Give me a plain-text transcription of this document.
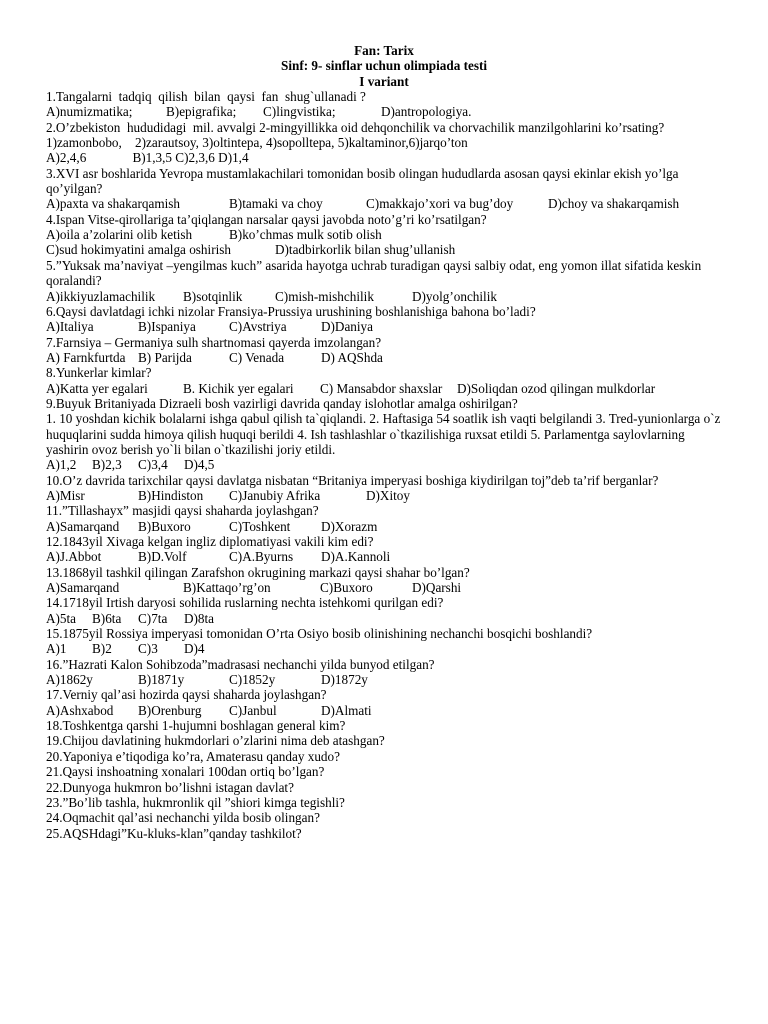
Fan: Tarix
Sinf: 9- sinflar uchun olimpiada testi
I variant
1.Tangalarni  tadqiq  qilish  bilan  qaysi  fan  shug`ullanadi ?
A)numizmatika;	B)epigrafika; C)lingvistika;	D)antropologiya.
2.O’zbekiston  hududidagi  mil. avvalgi 2-mingyillikka oid dehqonchilik va chorvachilik manzilgohlarini ko’rsating?
1)zamonbobo,    2)zarautsoy, 3)oltintepa, 4)sopolltepa, 5)kaltaminor,6)jarqo’ton
A)2,4,6              B)1,3,5 C)2,3,6 D)1,4
3.XVI asr boshlarida Yevropa mustamlakachilari tomonidan bosib olingan hududlarda asosan qaysi ekinlar ekish yo’lga qo’yilgan?
A)paxta va shakarqamish	B)tamaki va choy	C)makkajo’xori va bug’doy	D)choy va shakarqamish
4.Ispan Vitse-qirollariga ta’qiqlangan narsalar qaysi javobda noto’g’ri ko’rsatilgan?
A)oila a’zolarini olib ketish	B)ko’chmas mulk sotib olish
C)sud hokimyatini amalga oshirish	D)tadbirkorlik bilan shug’ullanish
5.”Yuksak ma’naviyat –yengilmas kuch” asarida hayotga uchrab turadigan qaysi salbiy odat, eng yomon illat sifatida keskin qoralandi?
A)ikkiyuzlamachilik B)sotqinlik C)mish-mishchilik	D)yolg’onchilik
6.Qaysi davlatdagi ichki nizolar Fransiya-Prussiya urushining boshlanishiga bahona bo’ladi?
A)Italiya	B)Ispaniya	C)Avstriya	D)Daniya
7.Farnsiya – Germaniya sulh shartnomasi qayerda imzolangan?
A) Farnkfurtda B) Parijda	C) Venada	D) AQShda
8.Yunkerlar kimlar?
A)Katta yer egalari	B. Kichik yer egalari C) Mansabdor shaxslar D)Soliqdan ozod qilingan mulkdorlar
9.Buyuk Britaniyada Dizraeli bosh vazirligi davrida qanday islohotlar amalga oshirilgan?
1. 10 yoshdan kichik bolalarni ishga qabul qilish ta`qiqlandi. 2. Haftasiga 54 soatlik ish vaqti belgilandi 3. Tred-yunionlarga o`z huquqlarini sudda himoya qilish huquqi berildi 4. Ish tashlashlar o`tkazilishiga ruxsat etildi 5. Parlamentga saylovlarning yashirin ovoz berish yo`li bilan o`tkazilishi joriy etildi.
A)1,2 B)2,3 C)3,4 D)4,5
10.O’z davrida tarixchilar qaysi davlatga nisbatan “Britaniya imperyasi boshiga kiydirilgan toj”deb ta’rif berganlar?
A)Misr	B)Hindiston C)Janubiy Afrika	D)Xitoy
11.”Tillashayx” masjidi qaysi shaharda joylashgan?
A)Samarqand B)Buxoro	C)Toshkent D)Xorazm
12.1843yil Xivaga kelgan ingliz diplomatiyasi vakili kim edi?
A)J.Abbot	B)D.Volf	C)A.Byurns D)A.Kannoli
13.1868yil tashkil qilingan Zarafshon okrugining markazi qaysi shahar bo’lgan?
A)Samarqand	B)Kattaqo’rg’on	C)Buxoro	D)Qarshi
14.1718yil Irtish daryosi sohilida ruslarning nechta istehkomi qurilgan edi?
A)5ta B)6ta C)7ta D)8ta
15.1875yil Rossiya imperyasi tomonidan O’rta Osiyo bosib olinishining nechanchi bosqichi boshlandi?
A)1 B)2 C)3 D)4
16.”Hazrati Kalon Sohibzoda”madrasasi nechanchi yilda bunyod etilgan?
A)1862y	B)1871y	C)1852y	D)1872y
17.Verniy qal’asi hozirda qaysi shaharda joylashgan?
A)Ashxabod B)Orenburg C)Janbul	D)Almati
18.Toshkentga qarshi 1-hujumni boshlagan general kim?
19.Chijou davlatining hukmdorlari o’zlarini nima deb atashgan?
20.Yaponiya e’tiqodiga ko’ra, Amaterasu qanday xudo?
21.Qaysi inshoatning xonalari 100dan ortiq bo’lgan?
22.Dunyoga hukmron bo’lishni istagan davlat?
23.”Bo’lib tashla, hukmronlik qil ”shiori kimga tegishli?
24.Oqmachit qal’asi nechanchi yilda bosib olingan?
25.AQSHdagi”Ku-kluks-klan”qanday tashkilot?
